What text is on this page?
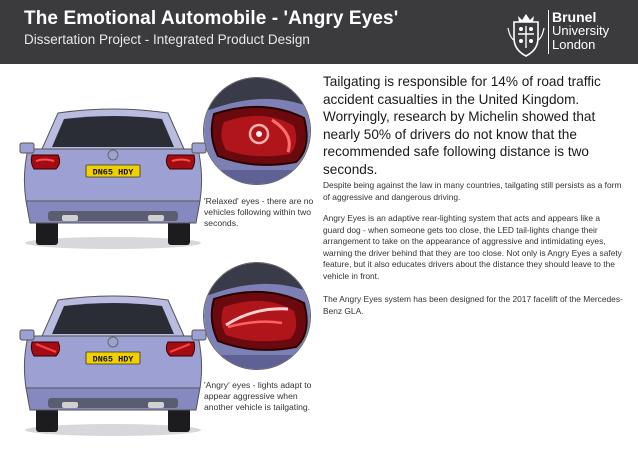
The Emotional Automobile - 'Angry Eyes'
Dissertation Project - Integrated Product Design
Brunel
University
London
DN65 HDY
'Relaxed' eyes - there are no vehicles following within two seconds.
DN65 HDY
'Angry' eyes - lights adapt to appear aggressive when another vehicle is tailgating.
Tailgating is responsible for 14% of road traffic accident casualties in the United Kingdom. Worryingly, research by Michelin showed that nearly 50% of drivers do not know that the recommended safe following distance is two seconds.
Despite being against the law in many countries, tailgating still persists as a form of aggressive and dangerous driving.
Angry Eyes is an adaptive rear-lighting system that acts and appears like a guard dog - when someone gets too close, the LED tail-lights change their arrangement to take on the appearance of aggressive and intimidating eyes, warning the driver behind that they are too close. Not only is Angry Eyes a safety feature, but it also educates drivers about the distance they should leave to the vehicle in front.
The Angry Eyes system has been designed for the 2017 facelift of the Mercedes-Benz GLA.
